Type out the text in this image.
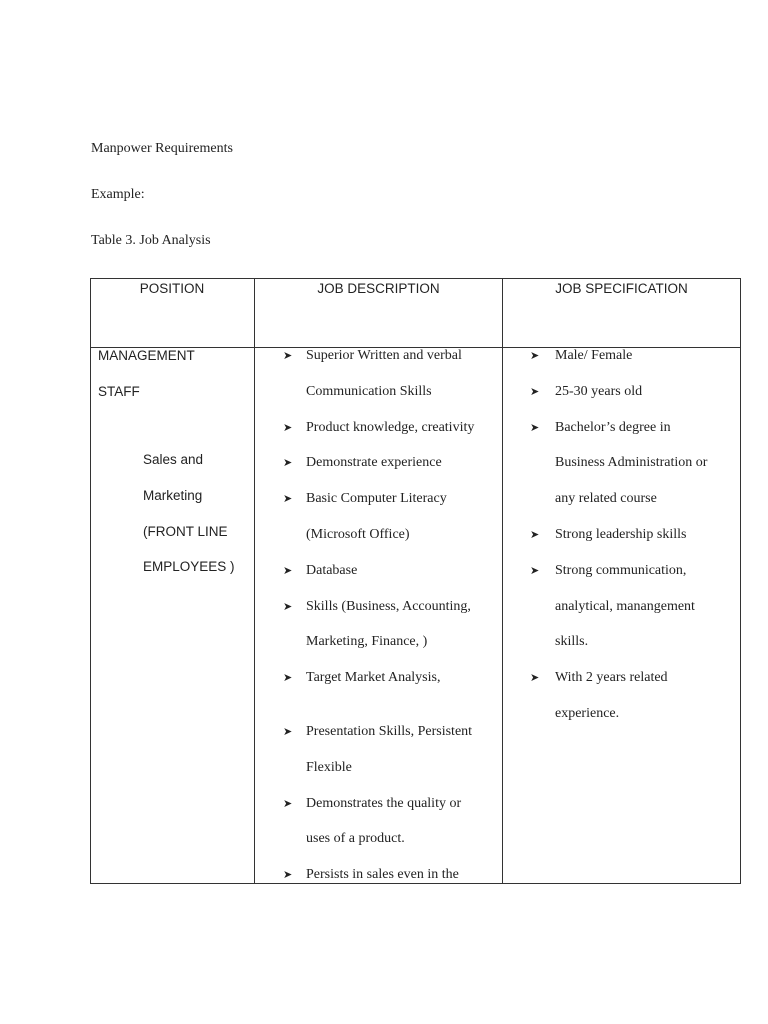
Manpower Requirements

Example:

Table 3. Job Analysis

POSITION	JOB DESCRIPTION	JOB SPECIFICATION
MANAGEMENT
STAFF
Sales and
Marketing
(FRONT LINE
EMPLOYEES )
➤ Superior Written and verbal
Communication Skills
➤ Product knowledge, creativity
➤ Demonstrate experience
➤ Basic Computer Literacy
(Microsoft Office)
➤ Database
➤ Skills (Business, Accounting,
Marketing, Finance, )
➤ Target Market Analysis,
➤ Presentation Skills, Persistent
Flexible
➤ Demonstrates the quality or
uses of a product.
➤ Persists in sales even in the
➤ Male/ Female
➤ 25-30 years old
➤ Bachelor’s degree in
Business Administration or
any related course
➤ Strong leadership skills
➤ Strong communication,
analytical, manangement
skills.
➤ With 2 years related
experience.
